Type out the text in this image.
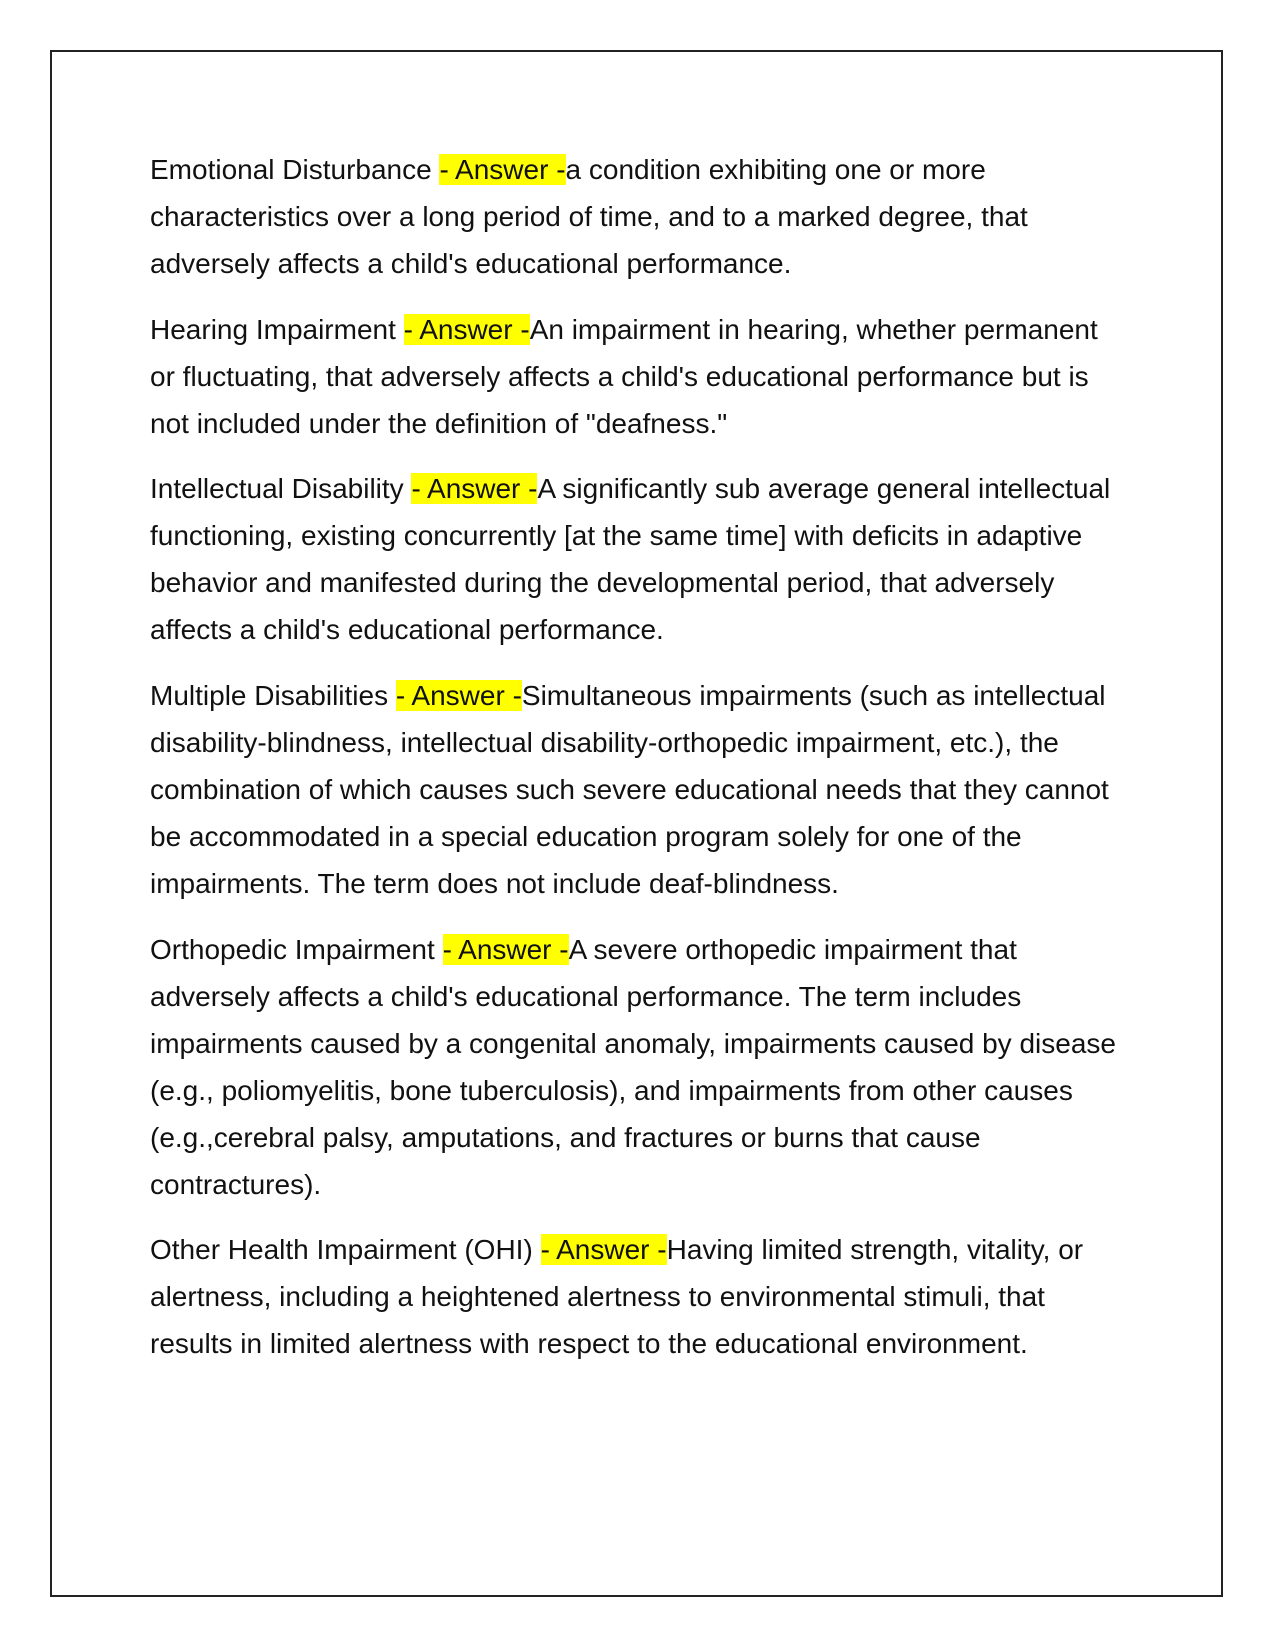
Emotional Disturbance - Answer -a condition exhibiting one or more characteristics over a long period of time, and to a marked degree, that adversely affects a child's educational performance.

Hearing Impairment - Answer -An impairment in hearing, whether permanent or fluctuating, that adversely affects a child's educational performance but is not included under the definition of "deafness."

Intellectual Disability - Answer -A significantly sub average general intellectual functioning, existing concurrently [at the same time] with deficits in adaptive behavior and manifested during the developmental period, that adversely affects a child's educational performance.

Multiple Disabilities - Answer -Simultaneous impairments (such as intellectual disability-blindness, intellectual disability-orthopedic impairment, etc.), the combination of which causes such severe educational needs that they cannot be accommodated in a special education program solely for one of the impairments. The term does not include deaf-blindness.

Orthopedic Impairment - Answer -A severe orthopedic impairment that adversely affects a child's educational performance. The term includes impairments caused by a congenital anomaly, impairments caused by disease (e.g., poliomyelitis, bone tuberculosis), and impairments from other causes (e.g.,cerebral palsy, amputations, and fractures or burns that cause contractures).

Other Health Impairment (OHI) - Answer -Having limited strength, vitality, or alertness, including a heightened alertness to environmental stimuli, that results in limited alertness with respect to the educational environment.
